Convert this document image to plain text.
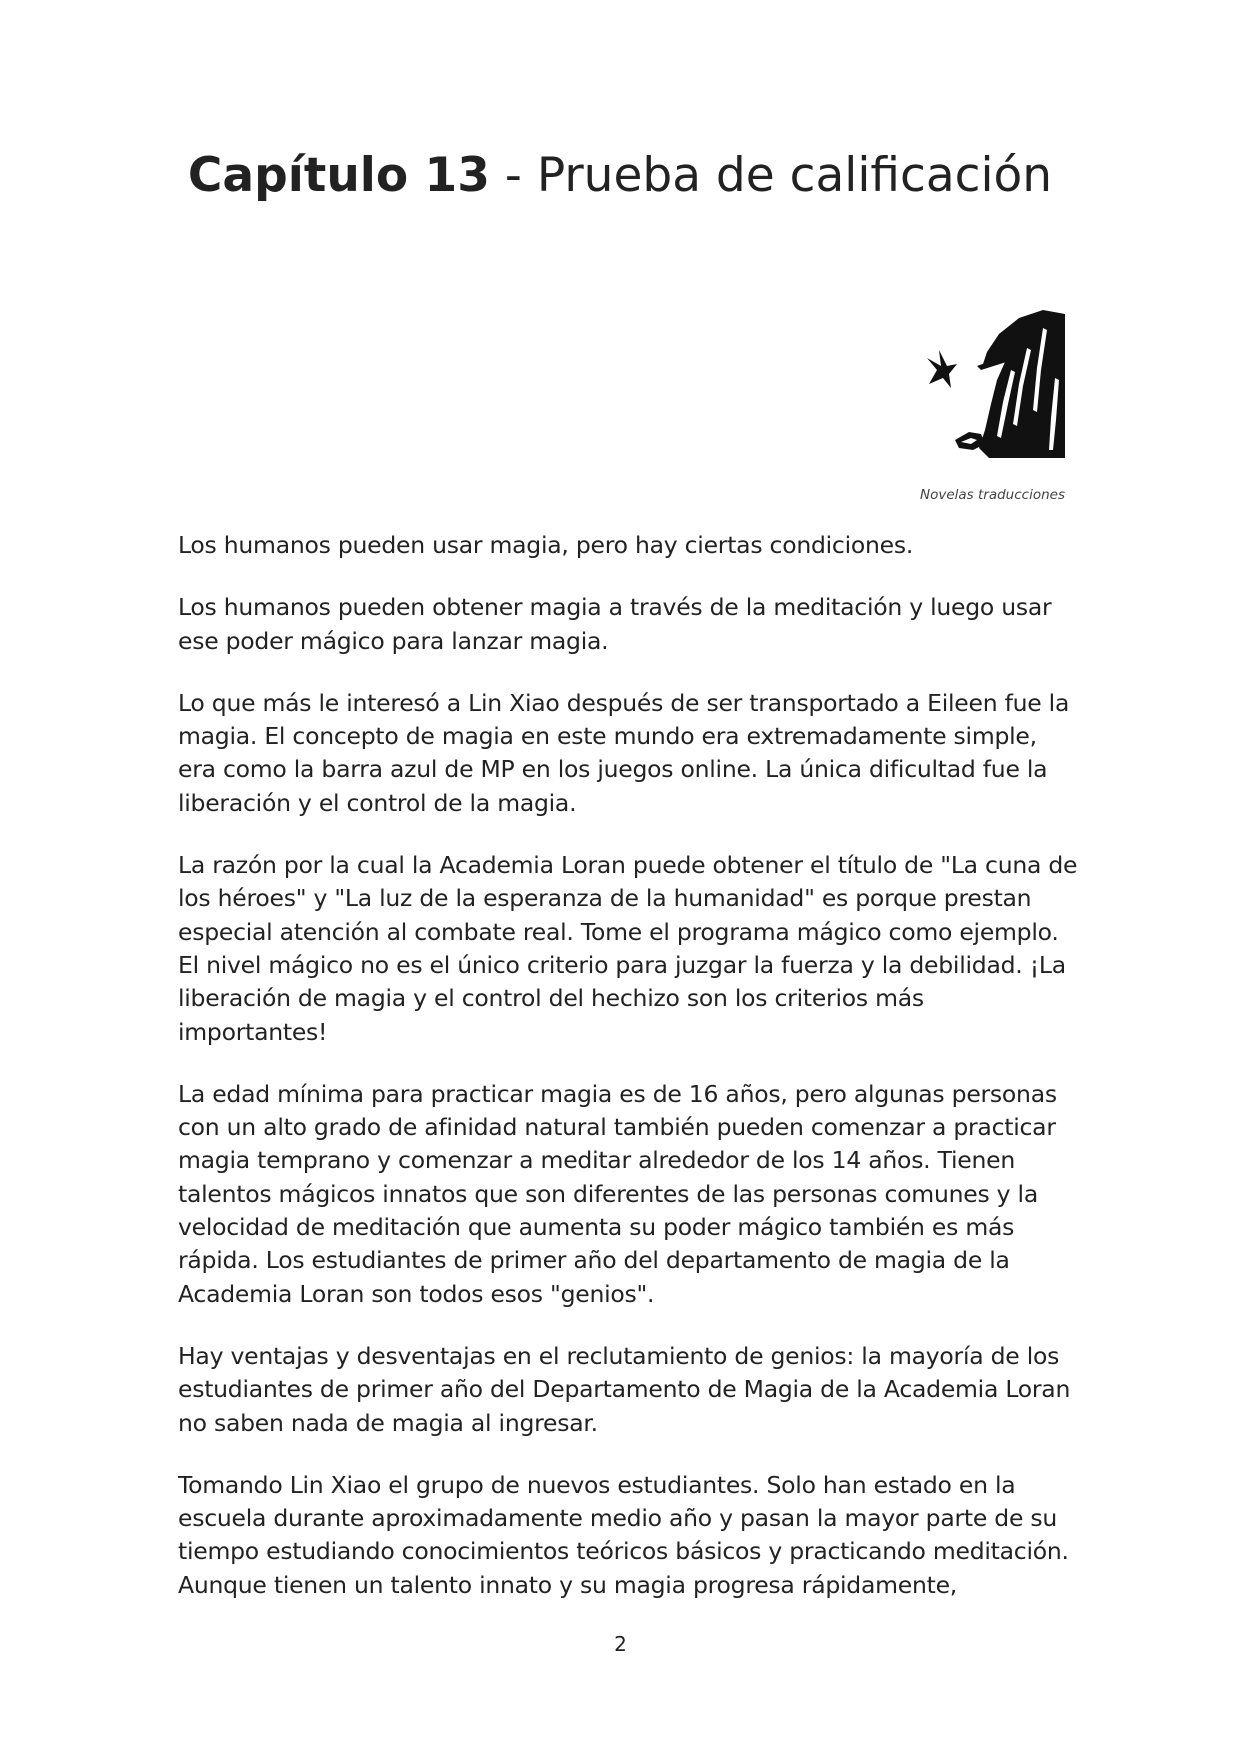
Capítulo 13 - Prueba de calificación
Novelas traducciones

Los humanos pueden usar magia, pero hay ciertas condiciones.

Los humanos pueden obtener magia a través de la meditación y luego usar ese poder mágico para lanzar magia.

Lo que más le interesó a Lin Xiao después de ser transportado a Eileen fue la magia. El concepto de magia en este mundo era extremadamente simple, era como la barra azul de MP en los juegos online. La única dificultad fue la liberación y el control de la magia.

La razón por la cual la Academia Loran puede obtener el título de "La cuna de los héroes" y "La luz de la esperanza de la humanidad" es porque prestan especial atención al combate real. Tome el programa mágico como ejemplo. El nivel mágico no es el único criterio para juzgar la fuerza y la debilidad. ¡La liberación de magia y el control del hechizo son los criterios más importantes!

La edad mínima para practicar magia es de 16 años, pero algunas personas con un alto grado de afinidad natural también pueden comenzar a practicar magia temprano y comenzar a meditar alrededor de los 14 años. Tienen talentos mágicos innatos que son diferentes de las personas comunes y la velocidad de meditación que aumenta su poder mágico también es más rápida. Los estudiantes de primer año del departamento de magia de la Academia Loran son todos esos "genios".

Hay ventajas y desventajas en el reclutamiento de genios: la mayoría de los estudiantes de primer año del Departamento de Magia de la Academia Loran no saben nada de magia al ingresar.

Tomando Lin Xiao el grupo de nuevos estudiantes. Solo han estado en la escuela durante aproximadamente medio año y pasan la mayor parte de su tiempo estudiando conocimientos teóricos básicos y practicando meditación. Aunque tienen un talento innato y su magia progresa rápidamente,

2
